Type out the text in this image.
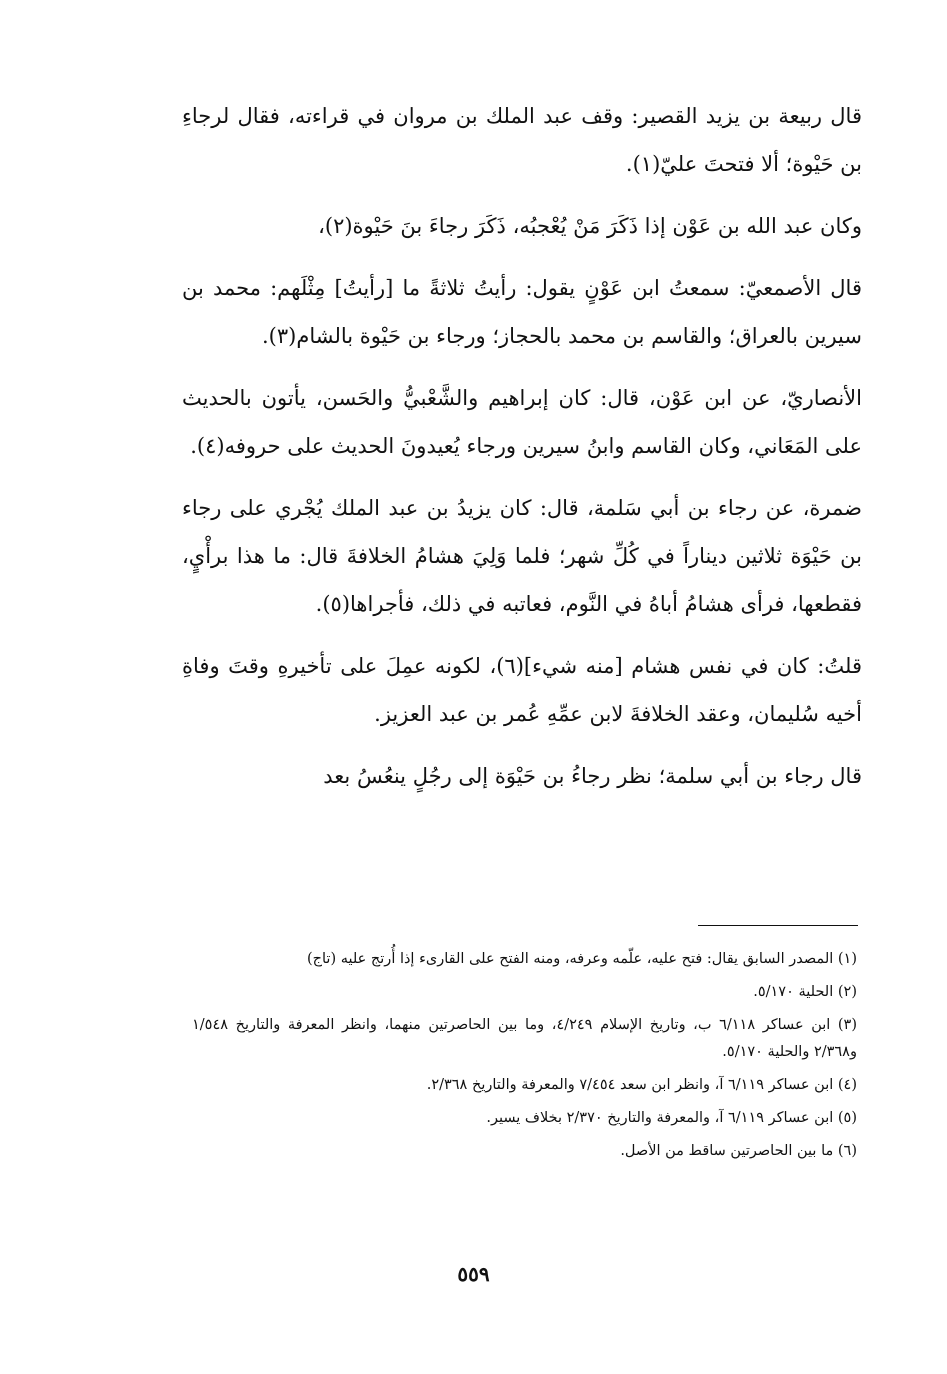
قال ربيعة بن يزيد القصير: وقف عبد الملك بن مروان في قراءته، فقال لرجاءِ بن حَيْوة؛ ألا فتحتَ عليّ(١).

وكان عبد الله بن عَوْن إذا ذَكَرَ مَنْ يُعْجبُه، ذَكَرَ رجاءَ بنَ حَيْوة(٢)،

قال الأصمعيّ: سمعتُ ابن عَوْنٍ يقول: رأيتُ ثلاثةً ما [رأيتُ] مِثْلَهم: محمد بن سيرين بالعراق؛ والقاسم بن محمد بالحجاز؛ ورجاء بن حَيْوة بالشام(٣).

الأنصاريّ، عن ابن عَوْن، قال: كان إبراهيم والشَّعْبيُّ والحَسن، يأتون بالحديث على المَعَاني، وكان القاسم وابنُ سيرين ورجاء يُعيدونَ الحديث على حروفه(٤).

ضمرة، عن رجاء بن أبي سَلمة، قال: كان يزيدُ بن عبد الملك يُجْري على رجاء بن حَيْوَة ثلاثين ديناراً في كُلِّ شهر؛ فلما وَلِيَ هشامُ الخلافةَ قال: ما هذا برأْيٍ، فقطعها، فرأى هشامُ أباهُ في النَّوم، فعاتبه في ذلك، فأجراها(٥).

قلتُ: كان في نفس هشام [منه شيء](٦)، لكونه عمِلَ على تأخيرهِ وقتَ وفاةِ أخيه سُليمان، وعقد الخلافةَ لابن عمِّهِ عُمر بن عبد العزيز.

قال رجاء بن أبي سلمة؛ نظر رجاءُ بن حَيْوَة إلى رجُلٍ ينعُسُ بعد

(١) المصدر السابق يقال: فتح عليه، علّمه وعرفه، ومنه الفتح على القارىء إذا أُرتج عليه (تاج)

(٢) الحلية ٥/١٧٠.

(٣) ابن عساكر ٦/١١٨ ب، وتاريخ الإسلام ٤/٢٤٩، وما بين الحاصرتين منهما، وانظر المعرفة والتاريخ ١/٥٤٨ و٢/٣٦٨ والحلية ٥/١٧٠.

(٤) ابن عساكر ٦/١١٩ آ، وانظر ابن سعد ٧/٤٥٤ والمعرفة والتاريخ ٢/٣٦٨.

(٥) ابن عساكر ٦/١١٩ آ، والمعرفة والتاريخ ٢/٣٧٠ بخلاف يسير.

(٦) ما بين الحاصرتين ساقط من الأصل.

٥٥٩
